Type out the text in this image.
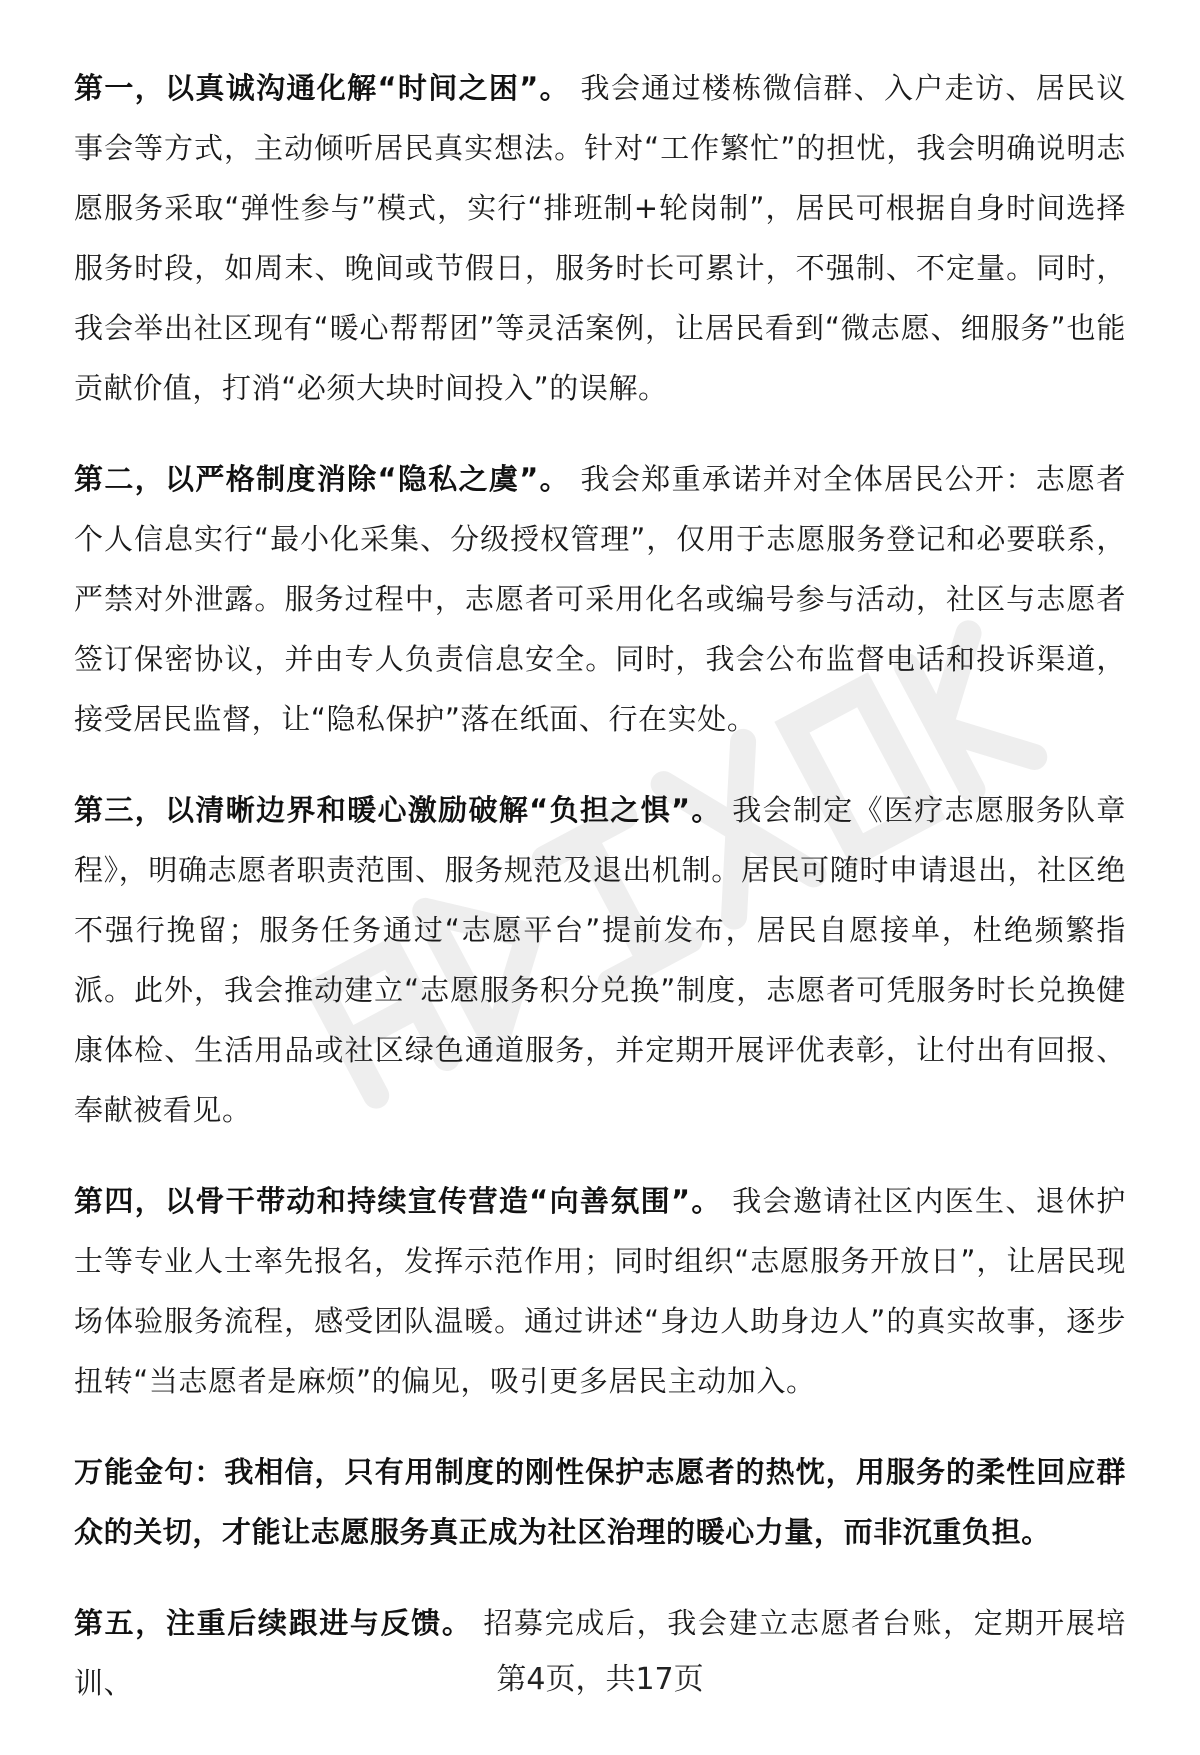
第一，以真诚沟通化解“时间之困”。 我会通过楼栋微信群、入户走访、居民议事会等方式，主动倾听居民真实想法。针对“工作繁忙”的担忧，我会明确说明志愿服务采取“弹性参与”模式，实行“排班制+轮岗制”，居民可根据自身时间选择服务时段，如周末、晚间或节假日，服务时长可累计，不强制、不定量。同时，我会举出社区现有“暖心帮帮团”等灵活案例，让居民看到“微志愿、细服务”也能贡献价值，打消“必须大块时间投入”的误解。

第二，以严格制度消除“隐私之虞”。 我会郑重承诺并对全体居民公开：志愿者个人信息实行“最小化采集、分级授权管理”，仅用于志愿服务登记和必要联系，严禁对外泄露。服务过程中，志愿者可采用化名或编号参与活动，社区与志愿者签订保密协议，并由专人负责信息安全。同时，我会公布监督电话和投诉渠道，接受居民监督，让“隐私保护”落在纸面、行在实处。

第三，以清晰边界和暖心激励破解“负担之惧”。 我会制定《医疗志愿服务队章程》，明确志愿者职责范围、服务规范及退出机制。居民可随时申请退出，社区绝不强行挽留；服务任务通过“志愿平台”提前发布，居民自愿接单，杜绝频繁指派。此外，我会推动建立“志愿服务积分兑换”制度，志愿者可凭服务时长兑换健康体检、生活用品或社区绿色通道服务，并定期开展评优表彰，让付出有回报、奉献被看见。

第四，以骨干带动和持续宣传营造“向善氛围”。 我会邀请社区内医生、退休护士等专业人士率先报名，发挥示范作用；同时组织“志愿服务开放日”，让居民现场体验服务流程，感受团队温暖。通过讲述“身边人助身边人”的真实故事，逐步扭转“当志愿者是麻烦”的偏见，吸引更多居民主动加入。

万能金句：我相信，只有用制度的刚性保护志愿者的热忱，用服务的柔性回应群众的关切，才能让志愿服务真正成为社区治理的暖心力量，而非沉重负担。

第五，注重后续跟进与反馈。 招募完成后，我会建立志愿者台账，定期开展培训、	第4页，共17页
